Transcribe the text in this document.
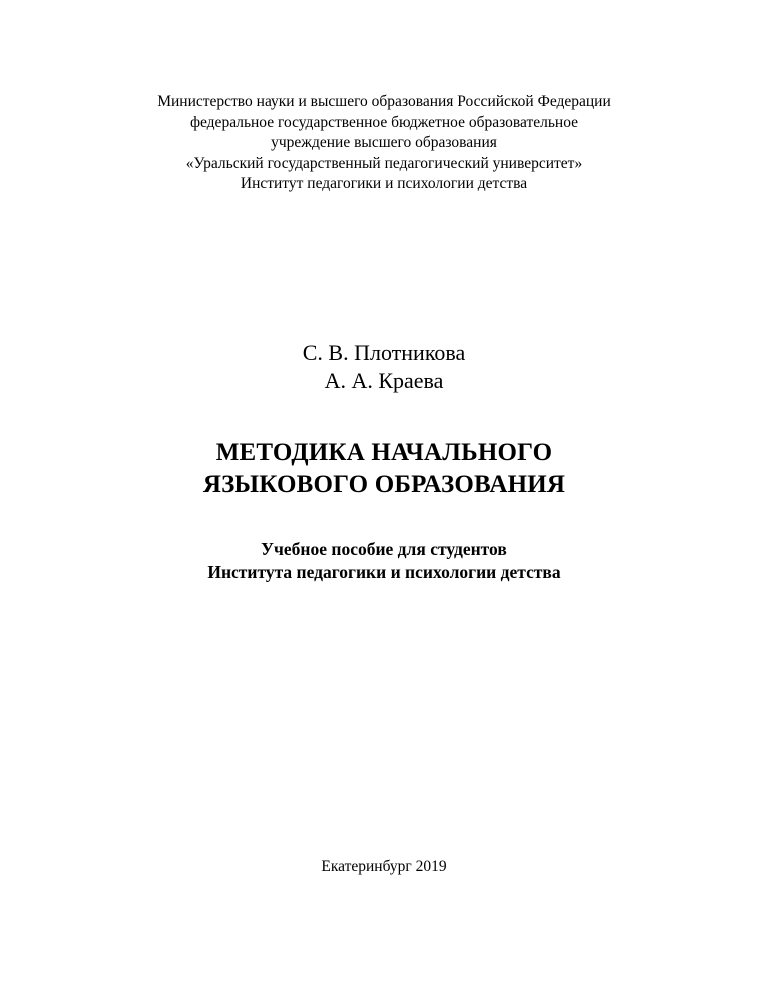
Министерство науки и высшего образования Российской Федерации
федеральное государственное бюджетное образовательное
учреждение высшего образования
«Уральский государственный педагогический университет»
Институт педагогики и психологии детства
С. В. Плотникова
А. А. Краева
МЕТОДИКА НАЧАЛЬНОГО
ЯЗЫКОВОГО ОБРАЗОВАНИЯ
Учебное пособие для студентов
Института педагогики и психологии детства
Екатеринбург 2019
